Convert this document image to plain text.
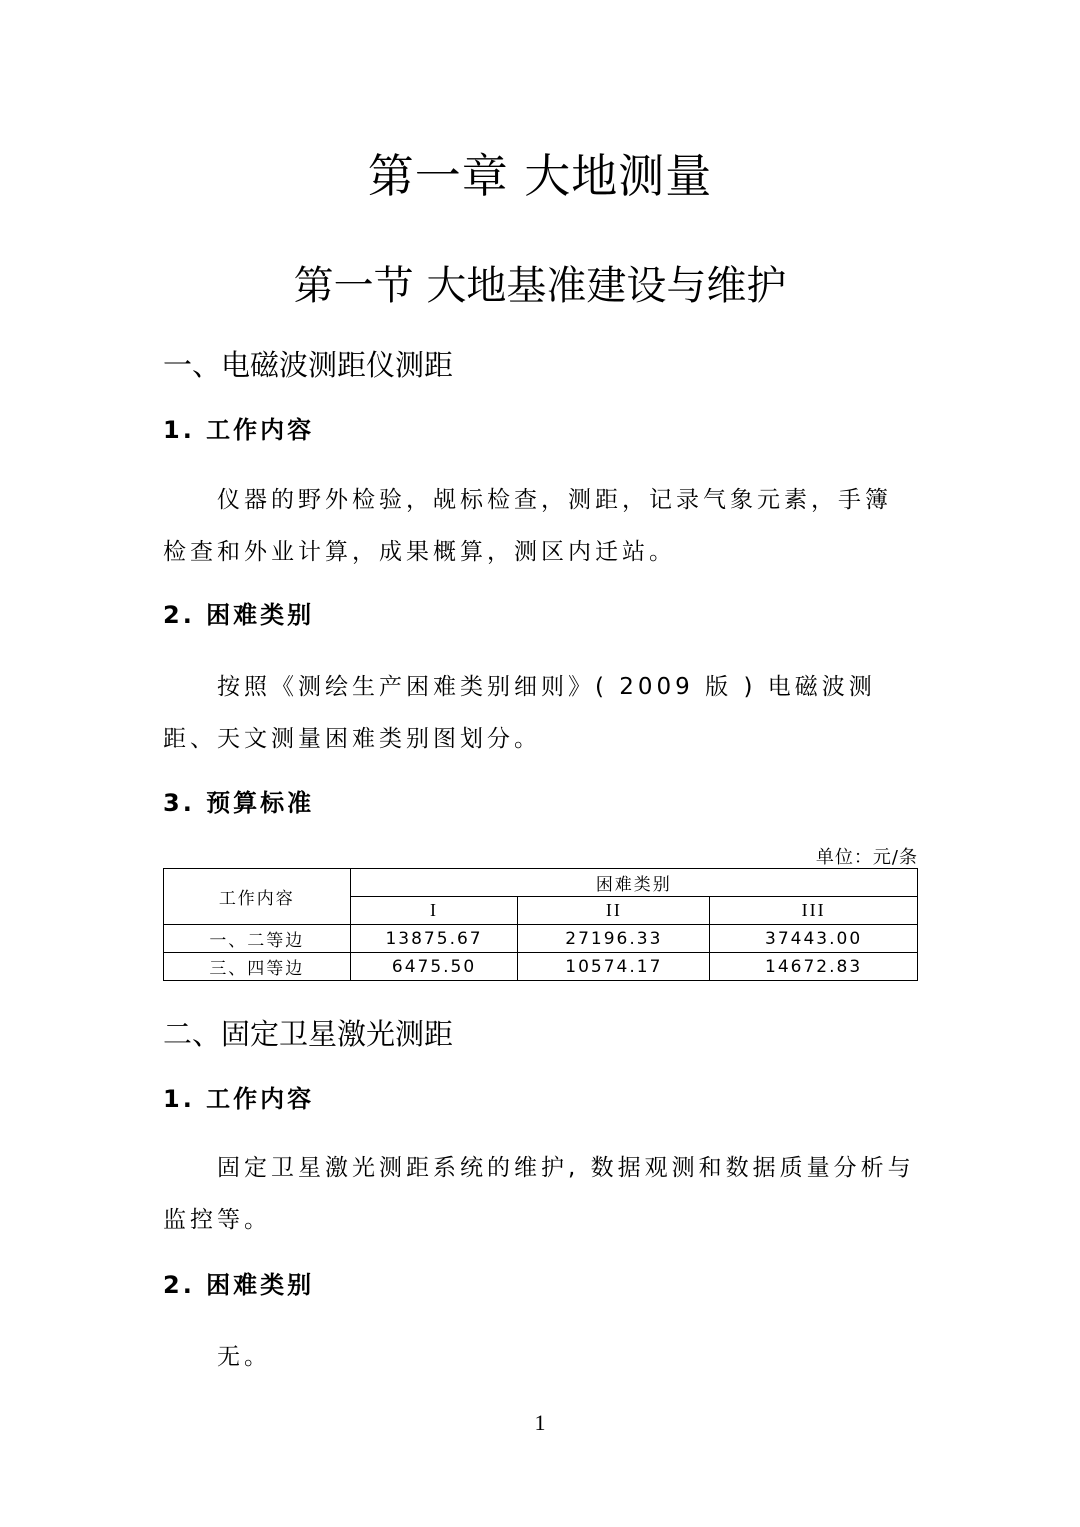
第一章 大地测量
第一节 大地基准建设与维护
一、电磁波测距仪测距
1. 工作内容
仪器的野外检验，觇标检查，测距，记录气象元素，手簿检查和外业计算，成果概算，测区内迁站。
2. 困难类别
按照《测绘生产困难类别细则》( 2009 版 ) 电磁波测距、天文测量困难类别图划分。
3. 预算标准
单位：元/条
工作内容	困难类别		
	I	II	III
一、二等边	13875.67	27196.33	37443.00
三、四等边	6475.50	10574.17	14672.83
二、固定卫星激光测距
1. 工作内容
固定卫星激光测距系统的维护, 数据观测和数据质量分析与监控等。
2. 困难类别
无。
1
